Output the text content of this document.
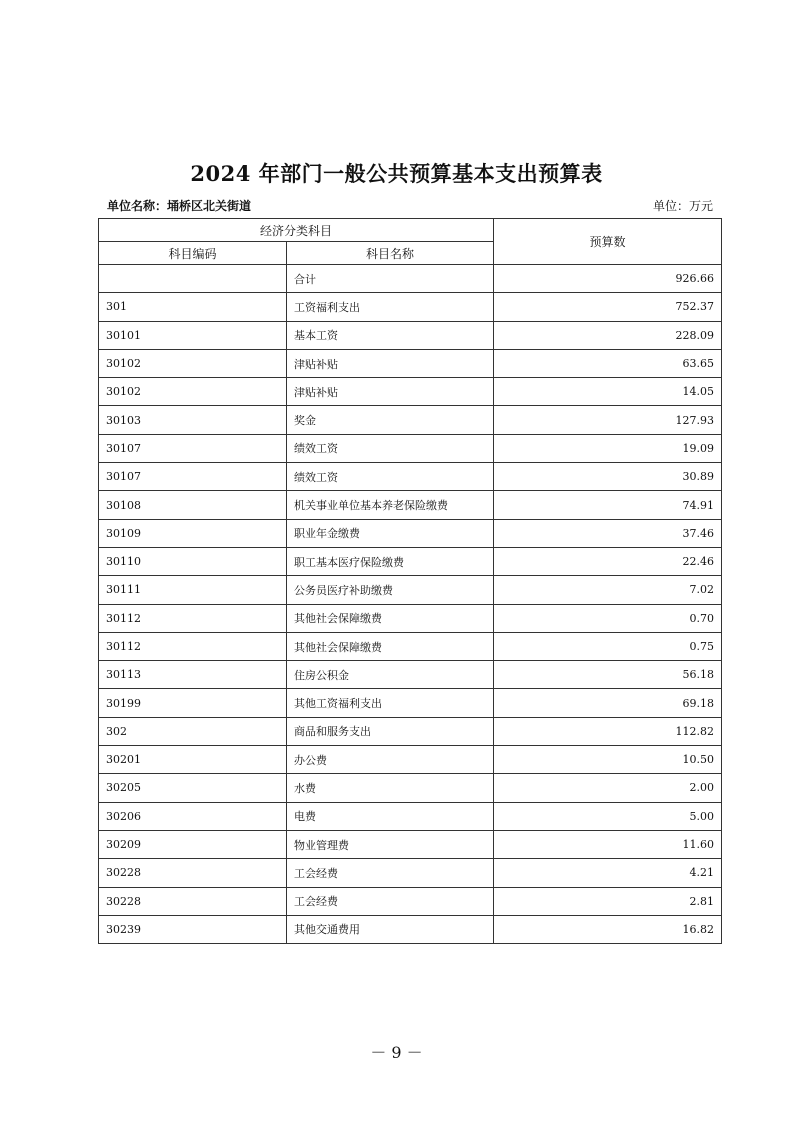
2024 年部门一般公共预算基本支出预算表
单位名称：埇桥区北关街道	单位：万元
经济分类科目		预算数
科目编码	科目名称	
	合计	926.66
301	工资福利支出	752.37
30101	基本工资	228.09
30102	津贴补贴	63.65
30102	津贴补贴	14.05
30103	奖金	127.93
30107	绩效工资	19.09
30107	绩效工资	30.89
30108	机关事业单位基本养老保险缴费	74.91
30109	职业年金缴费	37.46
30110	职工基本医疗保险缴费	22.46
30111	公务员医疗补助缴费	7.02
30112	其他社会保障缴费	0.70
30112	其他社会保障缴费	0.75
30113	住房公积金	56.18
30199	其他工资福利支出	69.18
302	商品和服务支出	112.82
30201	办公费	10.50
30205	水费	2.00
30206	电费	5.00
30209	物业管理费	11.60
30228	工会经费	4.21
30228	工会经费	2.81
30239	其他交通费用	16.82
－ 9 －
